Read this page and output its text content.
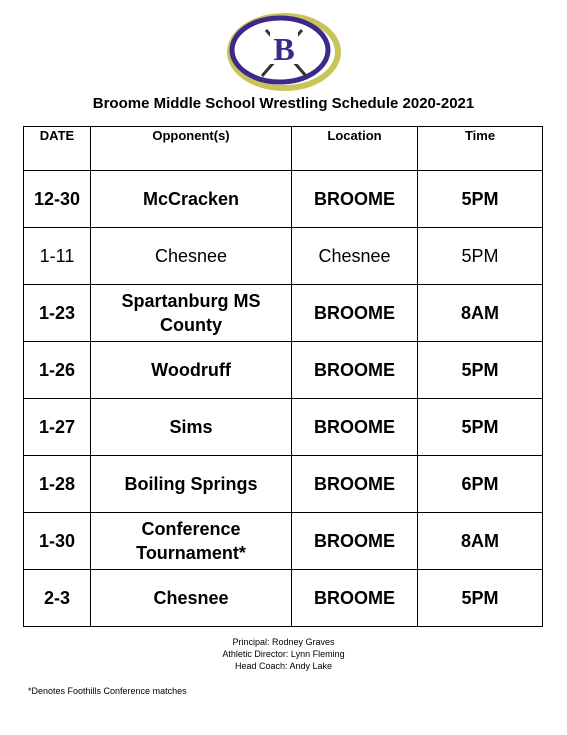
B
Broome Middle School Wrestling Schedule 2020-2021
DATE	Opponent(s)	Location	Time
12-30	McCracken	BROOME	5PM
1-11	Chesnee	Chesnee	5PM
1-23	Spartanburg MS County	BROOME	8AM
1-26	Woodruff	BROOME	5PM
1-27	Sims	BROOME	5PM
1-28	Boiling Springs	BROOME	6PM
1-30	Conference Tournament*	BROOME	8AM
2-3	Chesnee	BROOME	5PM
Principal: Rodney Graves
Athletic Director: Lynn Fleming
Head Coach: Andy Lake
*Denotes Foothills Conference matches
